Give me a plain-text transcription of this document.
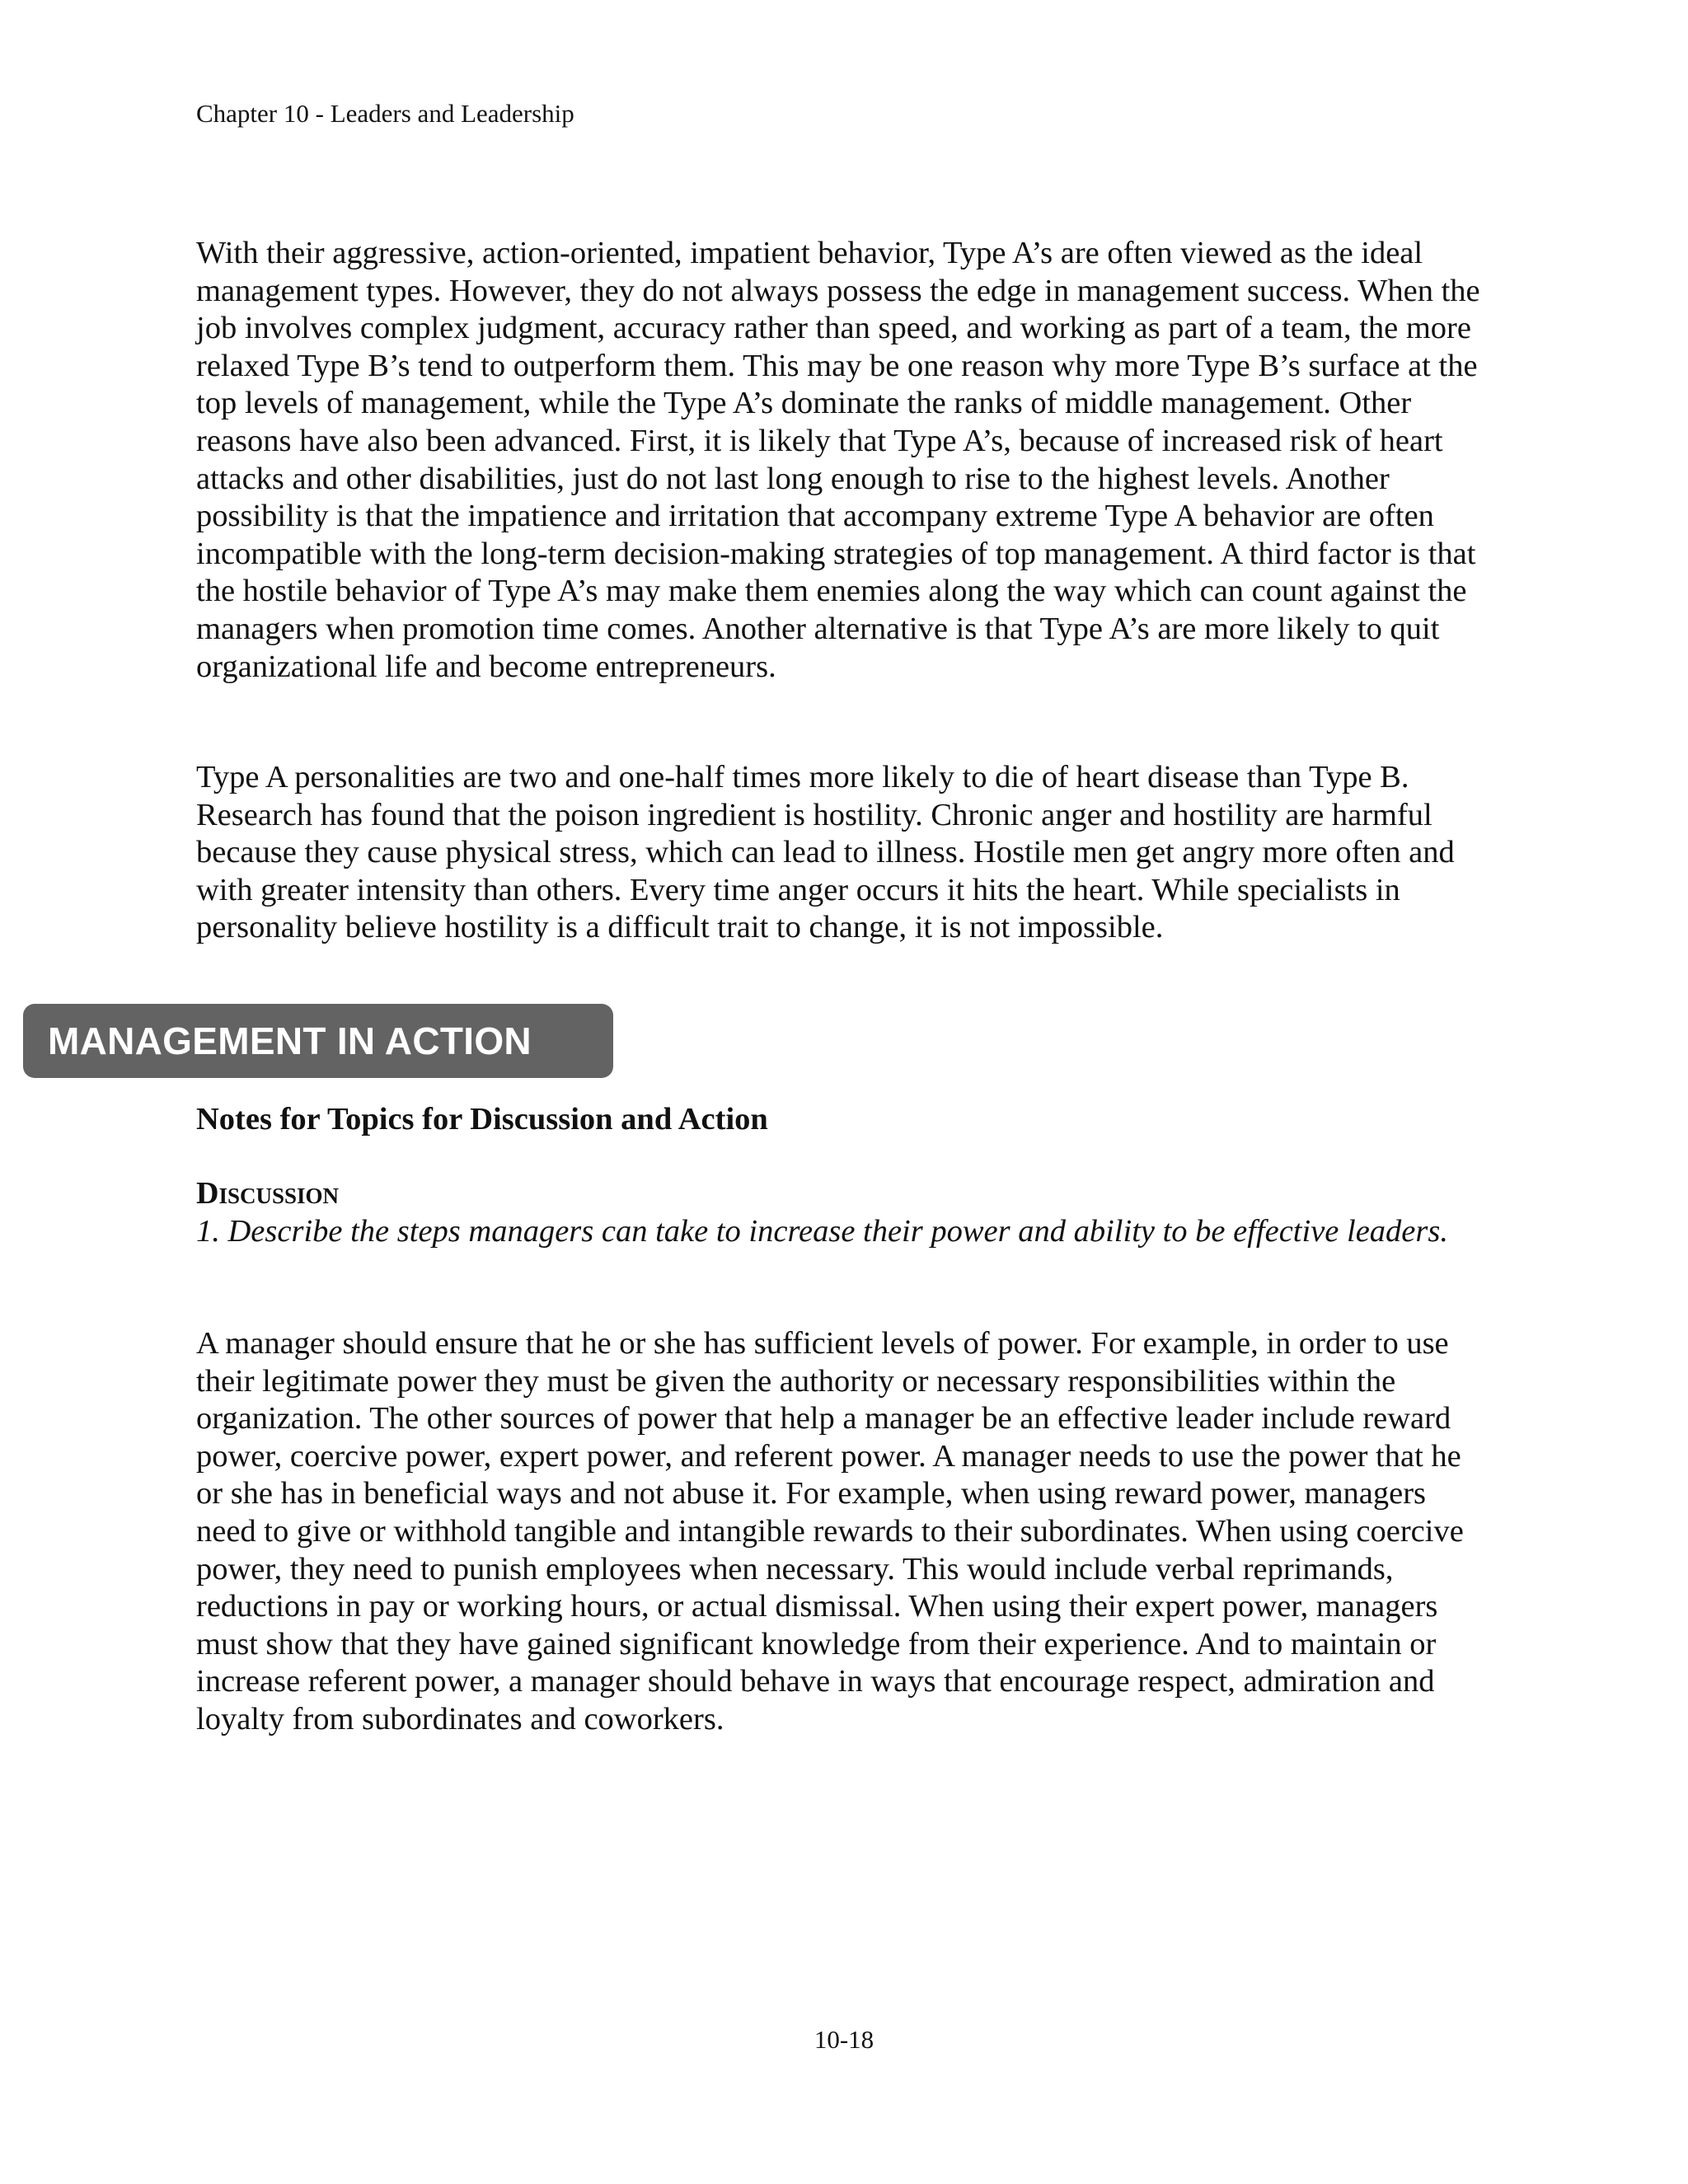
Chapter 10 - Leaders and Leadership

With their aggressive, action-oriented, impatient behavior, Type A’s are often viewed as the ideal management types. However, they do not always possess the edge in management success. When the job involves complex judgment, accuracy rather than speed, and working as part of a team, the more relaxed Type B’s tend to outperform them. This may be one reason why more Type B’s surface at the top levels of management, while the Type A’s dominate the ranks of middle management. Other reasons have also been advanced. First, it is likely that Type A’s, because of increased risk of heart attacks and other disabilities, just do not last long enough to rise to the highest levels. Another possibility is that the impatience and irritation that accompany extreme Type A behavior are often incompatible with the long-term decision-making strategies of top management. A third factor is that the hostile behavior of Type A’s may make them enemies along the way which can count against the managers when promotion time comes. Another alternative is that Type A’s are more likely to quit organizational life and become entrepreneurs.

Type A personalities are two and one-half times more likely to die of heart disease than Type B. Research has found that the poison ingredient is hostility. Chronic anger and hostility are harmful because they cause physical stress, which can lead to illness. Hostile men get angry more often and with greater intensity than others. Every time anger occurs it hits the heart. While specialists in personality believe hostility is a difficult trait to change, it is not impossible.

MANAGEMENT IN ACTION

Notes for Topics for Discussion and Action

Discussion

1. Describe the steps managers can take to increase their power and ability to be effective leaders.

A manager should ensure that he or she has sufficient levels of power. For example, in order to use their legitimate power they must be given the authority or necessary responsibilities within the organization. The other sources of power that help a manager be an effective leader include reward power, coercive power, expert power, and referent power. A manager needs to use the power that he or she has in beneficial ways and not abuse it. For example, when using reward power, managers need to give or withhold tangible and intangible rewards to their subordinates. When using coercive power, they need to punish employees when necessary. This would include verbal reprimands, reductions in pay or working hours, or actual dismissal. When using their expert power, managers must show that they have gained significant knowledge from their experience. And to maintain or increase referent power, a manager should behave in ways that encourage respect, admiration and loyalty from subordinates and coworkers.

10-18
